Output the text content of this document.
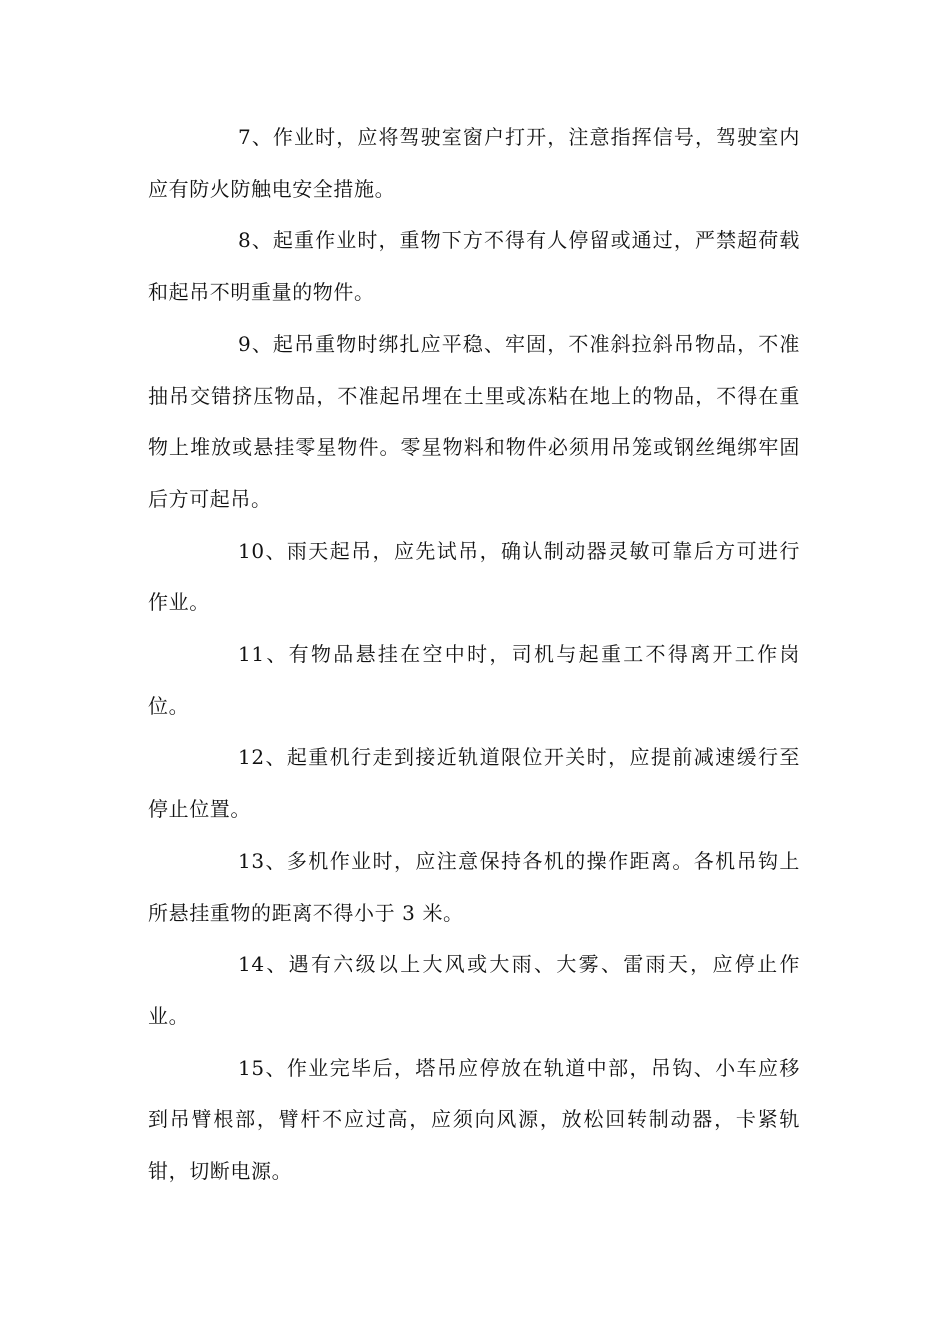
7、作业时，应将驾驶室窗户打开，注意指挥信号，驾驶室内应有防火防触电安全措施。

8、起重作业时，重物下方不得有人停留或通过，严禁超荷载和起吊不明重量的物件。

9、起吊重物时绑扎应平稳、牢固，不准斜拉斜吊物品，不准抽吊交错挤压物品，不准起吊埋在土里或冻粘在地上的物品，不得在重物上堆放或悬挂零星物件。零星物料和物件必须用吊笼或钢丝绳绑牢固后方可起吊。

10、雨天起吊，应先试吊，确认制动器灵敏可靠后方可进行作业。

11、有物品悬挂在空中时，司机与起重工不得离开工作岗位。

12、起重机行走到接近轨道限位开关时，应提前减速缓行至停止位置。

13、多机作业时，应注意保持各机的操作距离。各机吊钩上所悬挂重物的距离不得小于 3 米。

14、遇有六级以上大风或大雨、大雾、雷雨天，应停止作业。

15、作业完毕后，塔吊应停放在轨道中部，吊钩、小车应移到吊臂根部，臂杆不应过高，应须向风源，放松回转制动器，卡紧轨钳，切断电源。
